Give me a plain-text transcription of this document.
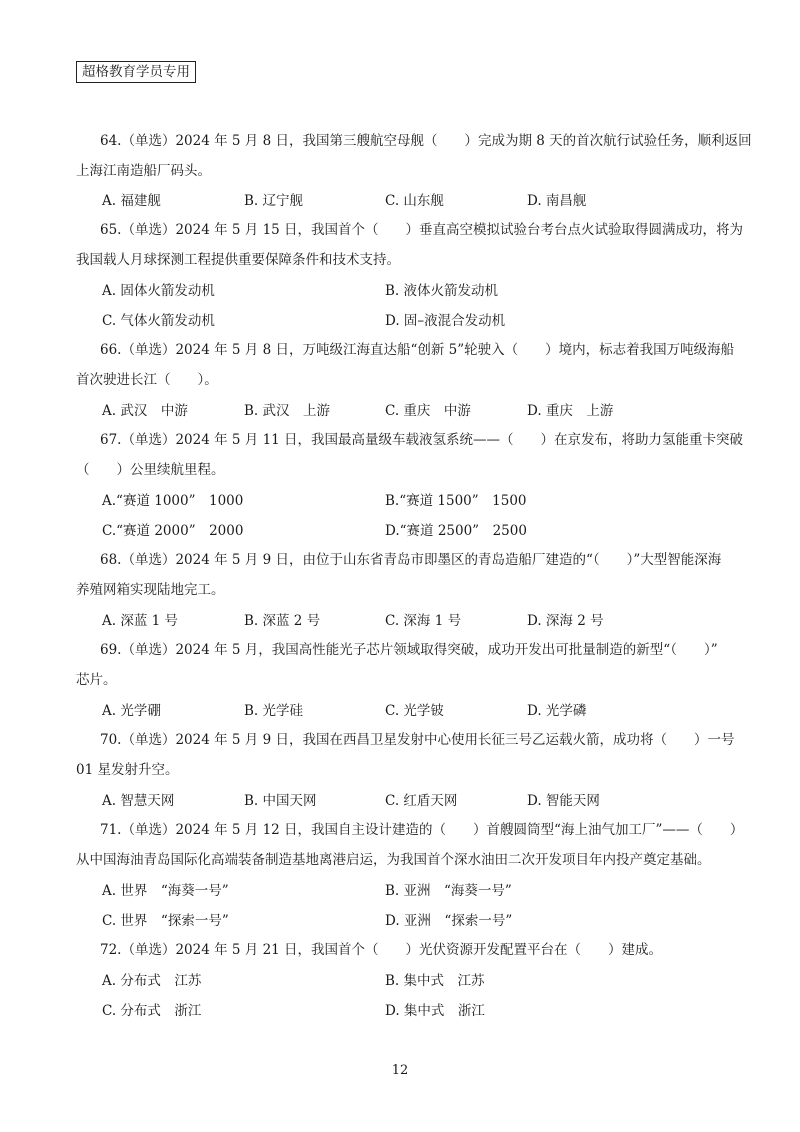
超格教育学员专用
64.（单选）2024 年 5 月 8 日，我国第三艘航空母舰（　　）完成为期 8 天的首次航行试验任务，顺利返回
上海江南造船厂码头。
A. 福建舰	B. 辽宁舰	C. 山东舰	D. 南昌舰
65.（单选）2024 年 5 月 15 日，我国首个（　　）垂直高空模拟试验台考台点火试验取得圆满成功，将为
我国载人月球探测工程提供重要保障条件和技术支持。
A. 固体火箭发动机	B. 液体火箭发动机
C. 气体火箭发动机	D. 固–液混合发动机
66.（单选）2024 年 5 月 8 日，万吨级江海直达船“创新 5”轮驶入（　　）境内，标志着我国万吨级海船
首次驶进长江（　　）。
A. 武汉　中游	B. 武汉　上游	C. 重庆　中游	D. 重庆　上游
67.（单选）2024 年 5 月 11 日，我国最高量级车载液氢系统——（　　）在京发布，将助力氢能重卡突破
（　　）公里续航里程。
A.“赛道 1000”　1000	B.“赛道 1500”　1500
C.“赛道 2000”　2000	D.“赛道 2500”　2500
68.（单选）2024 年 5 月 9 日，由位于山东省青岛市即墨区的青岛造船厂建造的“（　　）”大型智能深海
养殖网箱实现陆地完工。
A. 深蓝 1 号	B. 深蓝 2 号	C. 深海 1 号	D. 深海 2 号
69.（单选）2024 年 5 月，我国高性能光子芯片领域取得突破，成功开发出可批量制造的新型“（　　）”
芯片。
A. 光学硼	B. 光学硅	C. 光学铍	D. 光学磷
70.（单选）2024 年 5 月 9 日，我国在西昌卫星发射中心使用长征三号乙运载火箭，成功将（　　）一号
01 星发射升空。
A. 智慧天网	B. 中国天网	C. 红盾天网	D. 智能天网
71.（单选）2024 年 5 月 12 日，我国自主设计建造的（　　）首艘圆筒型“海上油气加工厂”——（　　）
从中国海油青岛国际化高端装备制造基地离港启运，为我国首个深水油田二次开发项目年内投产奠定基础。
A. 世界　“海葵一号”	B. 亚洲　“海葵一号”
C. 世界　“探索一号”	D. 亚洲　“探索一号”
72.（单选）2024 年 5 月 21 日，我国首个（　　）光伏资源开发配置平台在（　　）建成。
A. 分布式　江苏	B. 集中式　江苏
C. 分布式　浙江	D. 集中式　浙江
12
